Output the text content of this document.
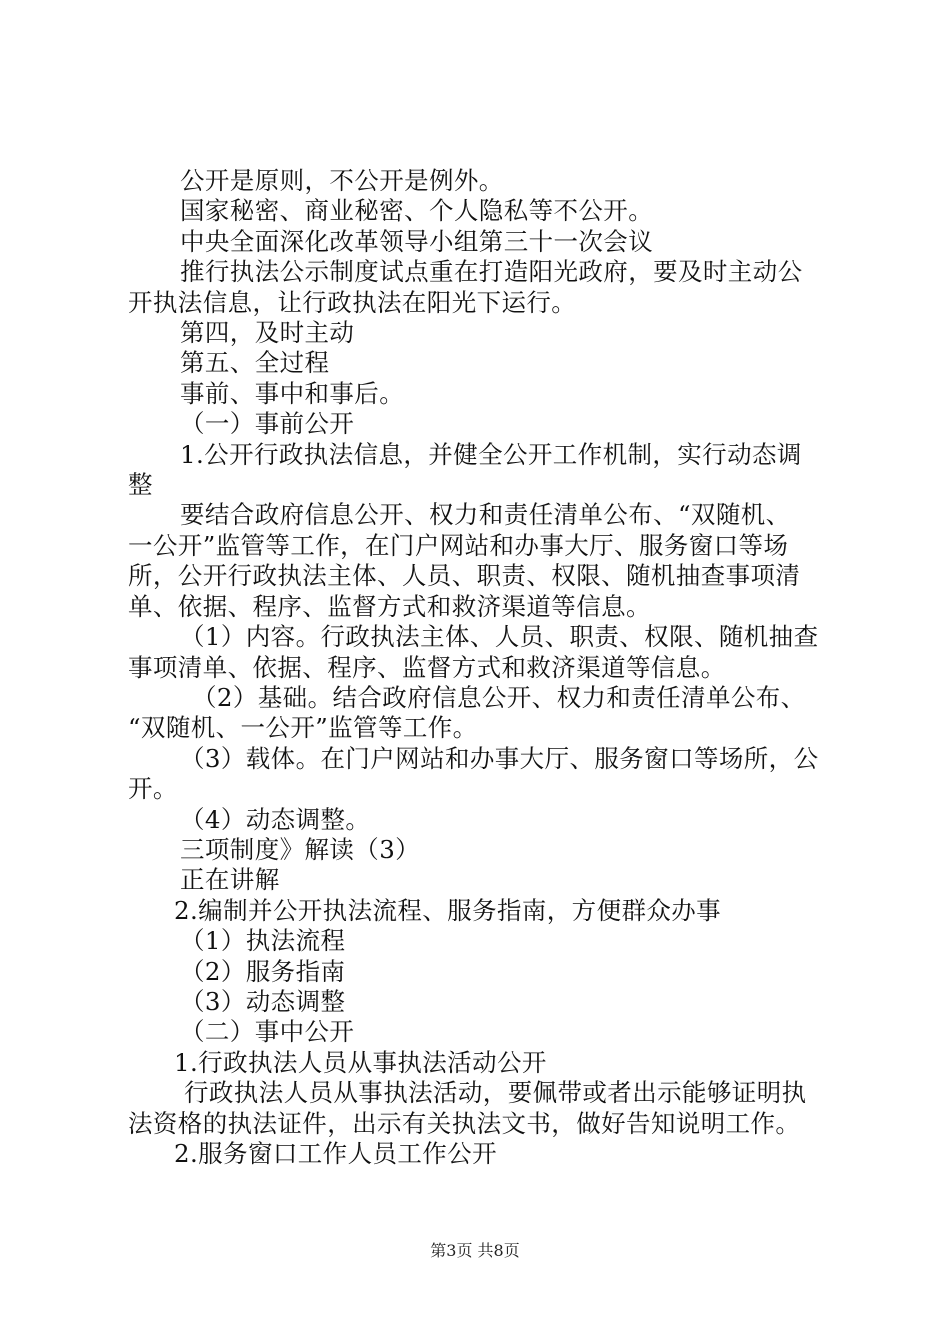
公开是原则，不公开是例外。
国家秘密、商业秘密、个人隐私等不公开。
中央全面深化改革领导小组第三十一次会议
推行执法公示制度试点重在打造阳光政府，要及时主动公
开执法信息，让行政执法在阳光下运行。
第四，及时主动
第五、全过程
事前、事中和事后。
（一）事前公开
1.公开行政执法信息，并健全公开工作机制，实行动态调
整
要结合政府信息公开、权力和责任清单公布、“双随机、
一公开”监管等工作，在门户网站和办事大厅、服务窗口等场
所，公开行政执法主体、人员、职责、权限、随机抽查事项清
单、依据、程序、监督方式和救济渠道等信息。
（1）内容。行政执法主体、人员、职责、权限、随机抽查
事项清单、依据、程序、监督方式和救济渠道等信息。
（2）基础。结合政府信息公开、权力和责任清单公布、
“双随机、一公开”监管等工作。
（3）载体。在门户网站和办事大厅、服务窗口等场所，公
开。
（4）动态调整。
三项制度》解读（3）
正在讲解
2.编制并公开执法流程、服务指南，方便群众办事
（1）执法流程
（2）服务指南
（3）动态调整
（二）事中公开
1.行政执法人员从事执法活动公开
行政执法人员从事执法活动，要佩带或者出示能够证明执
法资格的执法证件，出示有关执法文书，做好告知说明工作。
2.服务窗口工作人员工作公开
第3页 共8页
